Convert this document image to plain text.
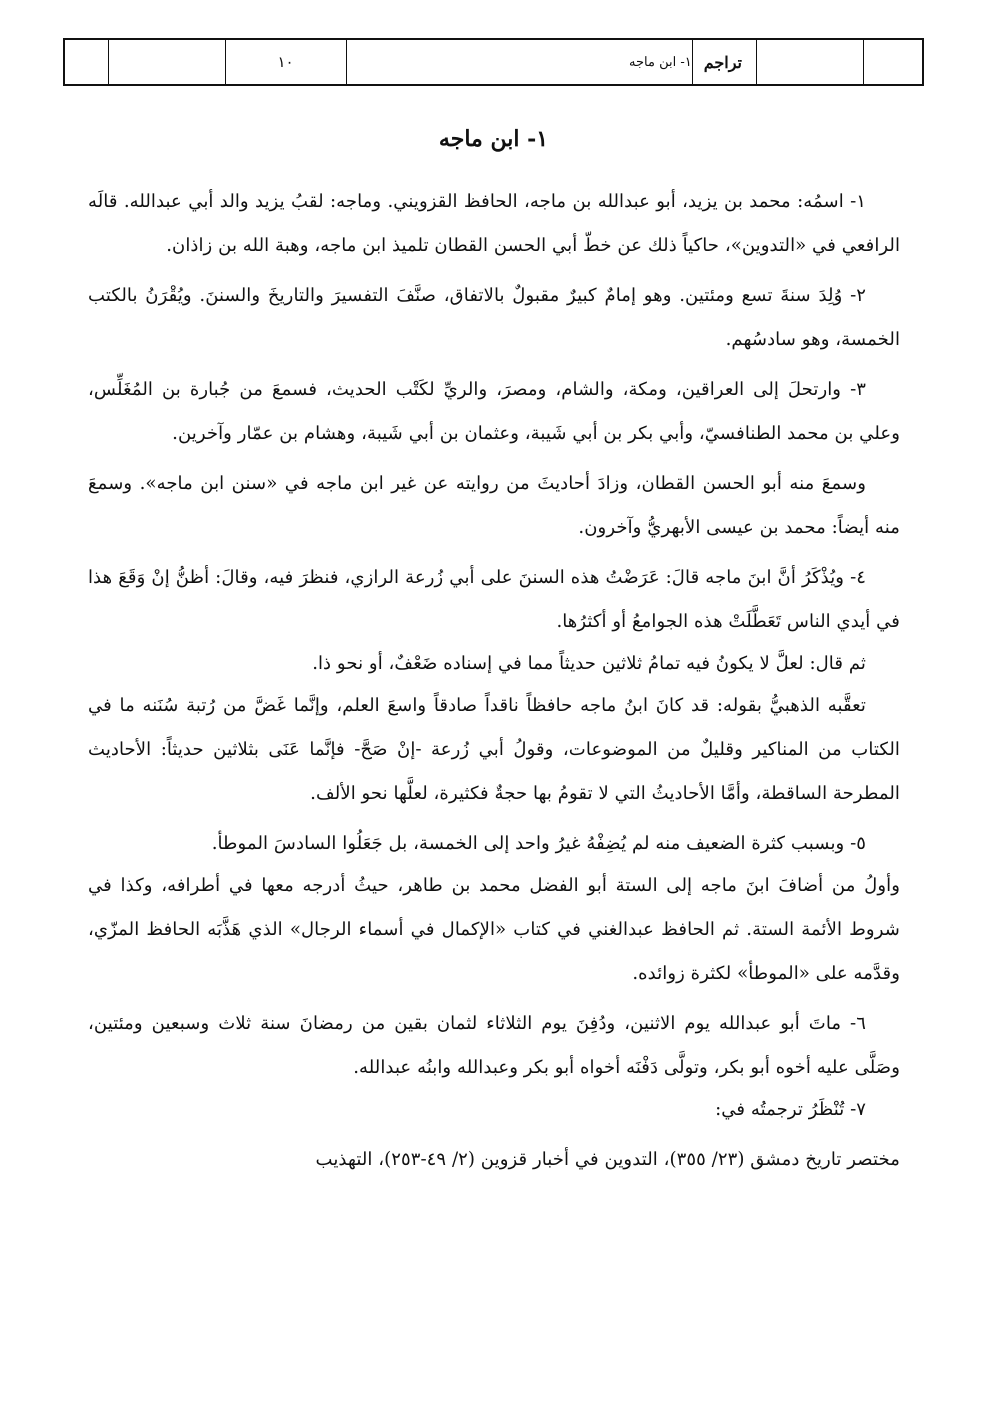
تراجم
١- ابن ماجه
١٠
١- ابن ماجه

١- اسمُه: محمد بن يزيد، أبو عبدالله بن ماجه، الحافظ القزويني. وماجه: لقبُ يزيد والد أبي عبدالله. قالَه الرافعي في «التدوين»، حاكياً ذلك عن خطّ أبي الحسن القطان تلميذ ابن ماجه، وهبة الله بن زاذان.

٢- وُلِدَ سنةَ تسع ومئتين. وهو إمامٌ كبيرٌ مقبولٌ بالاتفاق، صنَّفَ التفسيرَ والتاريخَ والسننَ. ويُقْرَنُ بالكتب الخمسة، وهو سادسُهم.

٣- وارتحلَ إلى العراقين، ومكة، والشام، ومصرَ، والريِّ لكَتْب الحديث، فسمعَ من جُبارة بن المُغَلِّس، وعلي بن محمد الطنافسيّ، وأبي بكر بن أبي شَيبة، وعثمان بن أبي شَيبة، وهشام بن عمّار وآخرين.

وسمعَ منه أبو الحسن القطان، وزادَ أحاديثَ من روايته عن غير ابن ماجه في «سنن ابن ماجه». وسمعَ منه أيضاً: محمد بن عيسى الأبهريُّ وآخرون.

٤- ويُذْكَرُ أنَّ ابنَ ماجه قالَ: عَرَضْتُ هذه السننَ على أبي زُرعة الرازي، فنظرَ فيه، وقالَ: أظنُّ إنْ وَقَعَ هذا في أيدي الناس تَعَطَّلَتْ هذه الجوامعُ أو أكثرُها.

ثم قال: لعلَّ لا يكونُ فيه تمامُ ثلاثين حديثاً مما في إسناده ضَعْفٌ، أو نحو ذا.

تعقَّبه الذهبيُّ بقوله: قد كانَ ابنُ ماجه حافظاً ناقداً صادقاً واسعَ العلم، وإنَّما غَضَّ من رُتبة سُنَنه ما في الكتاب من المناكير وقليلٌ من الموضوعات، وقولُ أبي زُرعة -إنْ صَحَّ- فإنَّما عَنَى بثلاثين حديثاً: الأحاديث المطرحة الساقطة، وأمَّا الأحاديثُ التي لا تقومُ بها حجةٌ فكثيرة، لعلَّها نحو الألف.

٥- وبسبب كثرة الضعيف منه لم يُضِفْهُ غيرُ واحد إلى الخمسة، بل جَعَلُوا السادسَ الموطأ.

وأولُ من أضافَ ابنَ ماجه إلى الستة أبو الفضل محمد بن طاهر، حيثُ أدرجه معها في أطرافه، وكذا في شروط الأئمة الستة. ثم الحافظ عبدالغني في كتاب «الإكمال في أسماء الرجال» الذي هَذَّبَه الحافظ المزّي، وقدَّمه على «الموطأ» لكثرة زوائده.

٦- ماتَ أبو عبدالله يوم الاثنين، ودُفِنَ يوم الثلاثاء لثمان بقين من رمضانَ سنة ثلاث وسبعين ومئتين، وصَلَّى عليه أخوه أبو بكر، وتولَّى دَفْنَه أخواه أبو بكر وعبدالله وابنُه عبدالله.

٧- تُنْظَرُ ترجمتُه في:

مختصر تاريخ دمشق (٢٣/ ٣٥٥)، التدوين في أخبار قزوين (٢/ ٤٩-٢٥٣)، التهذيب
